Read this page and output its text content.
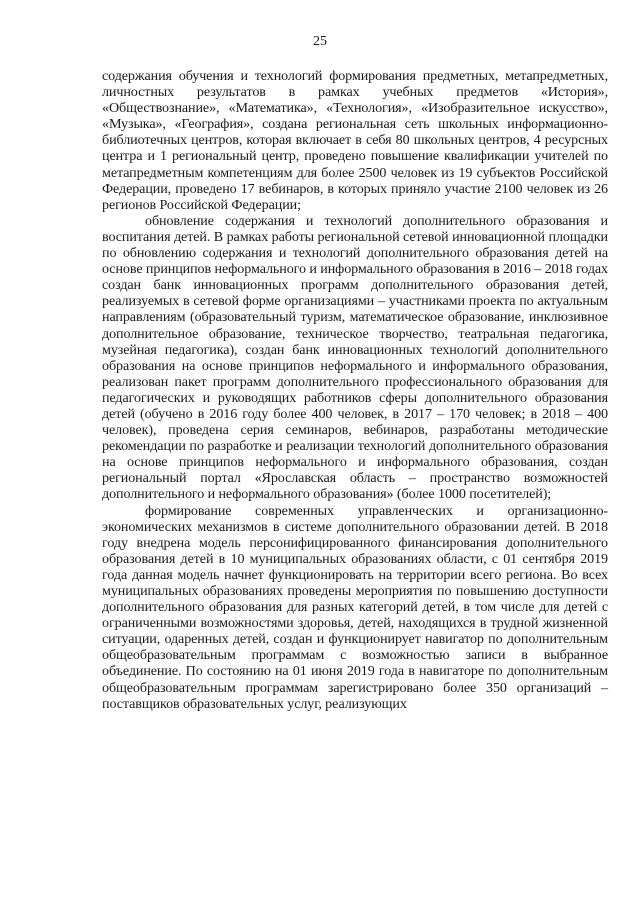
25

содержания обучения и технологий формирования предметных, метапредметных, личностных результатов в рамках учебных предметов «История», «Обществознание», «Математика», «Технология», «Изобразительное искусство», «Музыка», «География», создана региональная сеть школьных информационно-библиотечных центров, которая включает в себя 80 школьных центров, 4 ресурсных центра и 1 региональный центр, проведено повышение квалификации учителей по метапредметным компетенциям для более 2500 человек из 19 субъектов Российской Федерации, проведено 17 вебинаров, в которых приняло участие 2100 человек из 26 регионов Российской Федерации;

обновление содержания и технологий дополнительного образования и воспитания детей. В рамках работы региональной сетевой инновационной площадки по обновлению содержания и технологий дополнительного образования детей на основе принципов неформального и информального образования в 2016 – 2018 годах создан банк инновационных программ дополнительного образования детей, реализуемых в сетевой форме организациями – участниками проекта по актуальным направлениям (образовательный туризм, математическое образование, инклюзивное дополнительное образование, техническое творчество, театральная педагогика, музейная педагогика), создан банк инновационных технологий дополнительного образования на основе принципов неформального и информального образования, реализован пакет программ дополнительного профессионального образования для педагогических и руководящих работников сферы дополнительного образования детей (обучено в 2016 году более 400 человек, в 2017 – 170 человек; в 2018 – 400 человек), проведена серия семинаров, вебинаров, разработаны методические рекомендации по разработке и реализации технологий дополнительного образования на основе принципов неформального и информального образования, создан региональный портал «Ярославская область – пространство возможностей дополнительного и неформального образования» (более 1000 посетителей);

формирование современных управленческих и организационно-экономических механизмов в системе дополнительного образовании детей. В 2018 году внедрена модель персонифицированного финансирования дополнительного образования детей в 10 муниципальных образованиях области, с 01 сентября 2019 года данная модель начнет функционировать на территории всего региона. Во всех муниципальных образованиях проведены мероприятия по повышению доступности дополнительного образования для разных категорий детей, в том числе для детей с ограниченными возможностями здоровья, детей, находящихся в трудной жизненной ситуации, одаренных детей, создан и функционирует навигатор по дополнительным общеобразовательным программам с возможностью записи в выбранное объединение. По состоянию на 01 июня 2019 года в навигаторе по дополнительным общеобразовательным программам зарегистрировано более 350 организаций – поставщиков образовательных услуг, реализующих
